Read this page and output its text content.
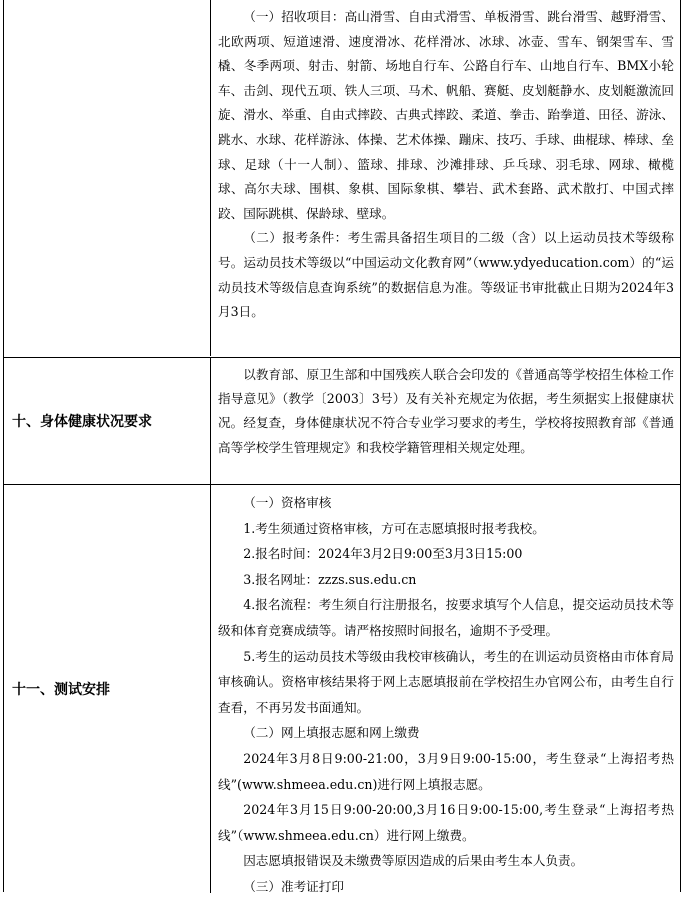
（一）招收项目：高山滑雪、自由式滑雪、单板滑雪、跳台滑雪、越野滑雪、北欧两项、短道速滑、速度滑冰、花样滑冰、冰球、冰壶、雪车、钢架雪车、雪橇、冬季两项、射击、射箭、场地自行车、公路自行车、山地自行车、BMX小轮车、击剑、现代五项、铁人三项、马术、帆船、赛艇、皮划艇静水、皮划艇激流回旋、滑水、举重、自由式摔跤、古典式摔跤、柔道、拳击、跆拳道、田径、游泳、跳水、水球、花样游泳、体操、艺术体操、蹦床、技巧、手球、曲棍球、棒球、垒球、足球（十一人制）、篮球、排球、沙滩排球、乒乓球、羽毛球、网球、橄榄球、高尔夫球、围棋、象棋、国际象棋、攀岩、武术套路、武术散打、中国式摔跤、国际跳棋、保龄球、壁球。

（二）报考条件：考生需具备招生项目的二级（含）以上运动员技术等级称号。运动员技术等级以“中国运动文化教育网”（www.ydyeducation.com）的“运动员技术等级信息查询系统”的数据信息为准。等级证书审批截止日期为2024年3月3日。

十、身体健康状况要求

以教育部、原卫生部和中国残疾人联合会印发的《普通高等学校招生体检工作指导意见》（教学〔2003〕3号）及有关补充规定为依据，考生须据实上报健康状况。经复查，身体健康状况不符合专业学习要求的考生，学校将按照教育部《普通高等学校学生管理规定》和我校学籍管理相关规定处理。

十一、测试安排

（一）资格审核

1.考生须通过资格审核，方可在志愿填报时报考我校。

2.报名时间：2024年3月2日9:00至3月3日15:00

3.报名网址：zzzs.sus.edu.cn

4.报名流程：考生须自行注册报名，按要求填写个人信息，提交运动员技术等级和体育竞赛成绩等。请严格按照时间报名，逾期不予受理。

5.考生的运动员技术等级由我校审核确认，考生的在训运动员资格由市体育局审核确认。资格审核结果将于网上志愿填报前在学校招生办官网公布，由考生自行查看，不再另发书面通知。

（二）网上填报志愿和网上缴费

2024年3月8日9:00-21:00，3月9日9:00-15:00，考生登录“上海招考热线”(www.shmeea.edu.cn)进行网上填报志愿。

2024年3月15日9:00-20:00,3月16日9:00-15:00,考生登录“上海招考热线”（www.shmeea.edu.cn）进行网上缴费。

因志愿填报错误及未缴费等原因造成的后果由考生本人负责。

（三）准考证打印
